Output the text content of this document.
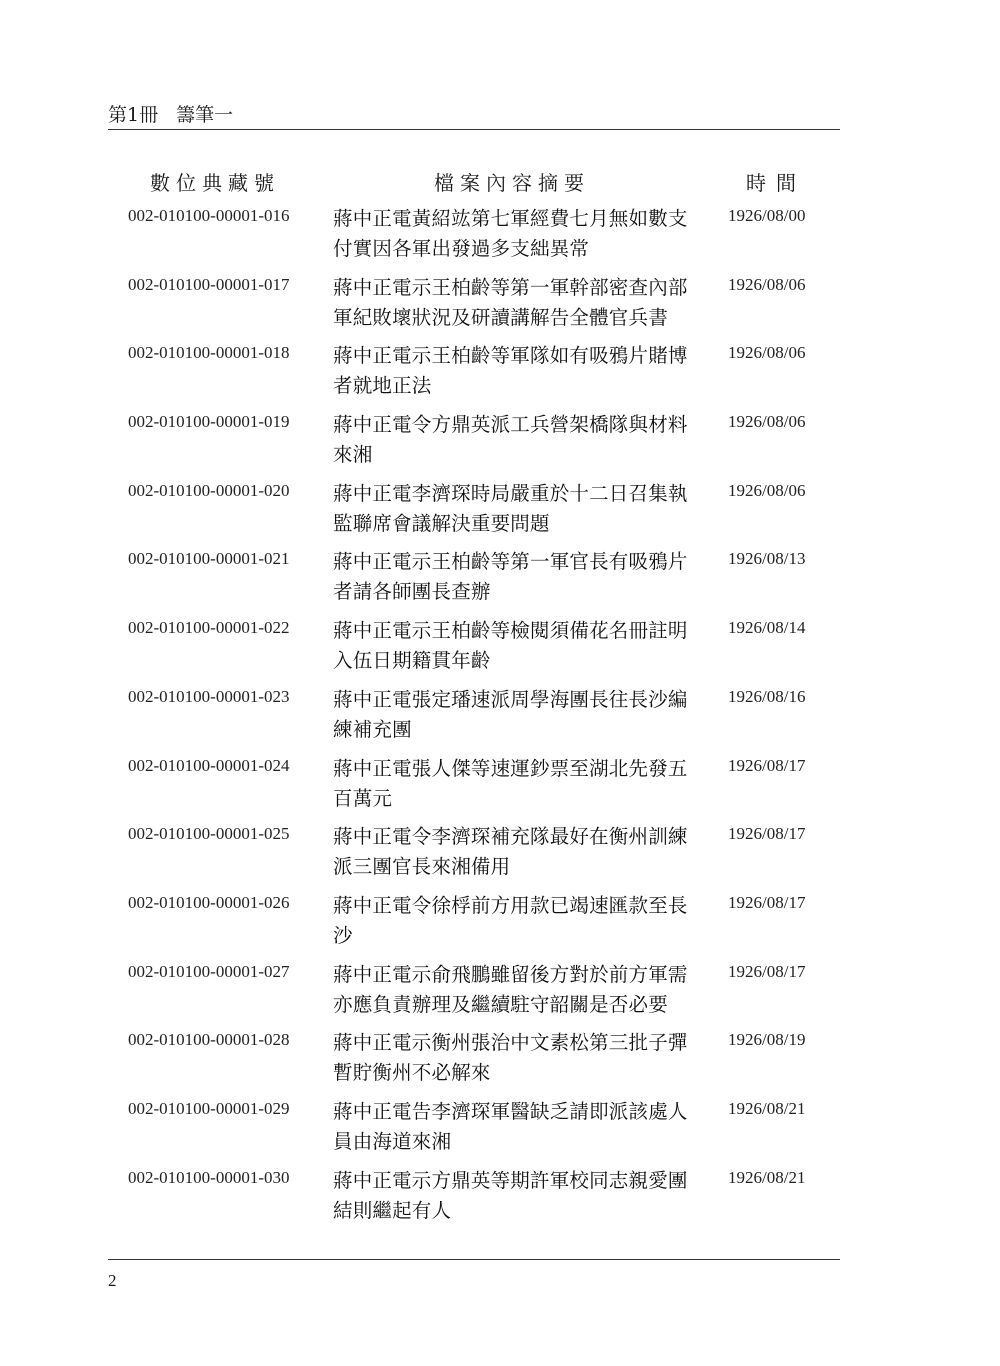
第1冊 籌筆一
數位典藏號	檔案內容摘要	時間
002-010100-00001-016 蔣中正電黃紹竑第七軍經費七月無如數支付實因各軍出發過多支絀異常
1926/08/00
002-010100-00001-017 蔣中正電示王柏齡等第一軍幹部密查內部軍紀敗壞狀況及研讀講解告全體官兵書
1926/08/06
002-010100-00001-018 蔣中正電示王柏齡等軍隊如有吸鴉片賭博者就地正法
1926/08/06
002-010100-00001-019 蔣中正電令方鼎英派工兵營架橋隊與材料來湘
1926/08/06
002-010100-00001-020 蔣中正電李濟琛時局嚴重於十二日召集執監聯席會議解決重要問題
1926/08/06
002-010100-00001-021 蔣中正電示王柏齡等第一軍官長有吸鴉片者請各師團長查辦
1926/08/13
002-010100-00001-022 蔣中正電示王柏齡等檢閱須備花名冊註明入伍日期籍貫年齡
1926/08/14
002-010100-00001-023 蔣中正電張定璠速派周學海團長往長沙編練補充團
1926/08/16
002-010100-00001-024 蔣中正電張人傑等速運鈔票至湖北先發五百萬元
1926/08/17
002-010100-00001-025 蔣中正電令李濟琛補充隊最好在衡州訓練派三團官長來湘備用
1926/08/17
002-010100-00001-026 蔣中正電令徐桴前方用款已竭速匯款至長沙
1926/08/17
002-010100-00001-027 蔣中正電示俞飛鵬雖留後方對於前方軍需亦應負責辦理及繼續駐守韶關是否必要
1926/08/17
002-010100-00001-028 蔣中正電示衡州張治中文素松第三批子彈暫貯衡州不必解來
1926/08/19
002-010100-00001-029 蔣中正電告李濟琛軍醫缺乏請即派該處人員由海道來湘
1926/08/21
002-010100-00001-030 蔣中正電示方鼎英等期許軍校同志親愛團結則繼起有人
1926/08/21
2
